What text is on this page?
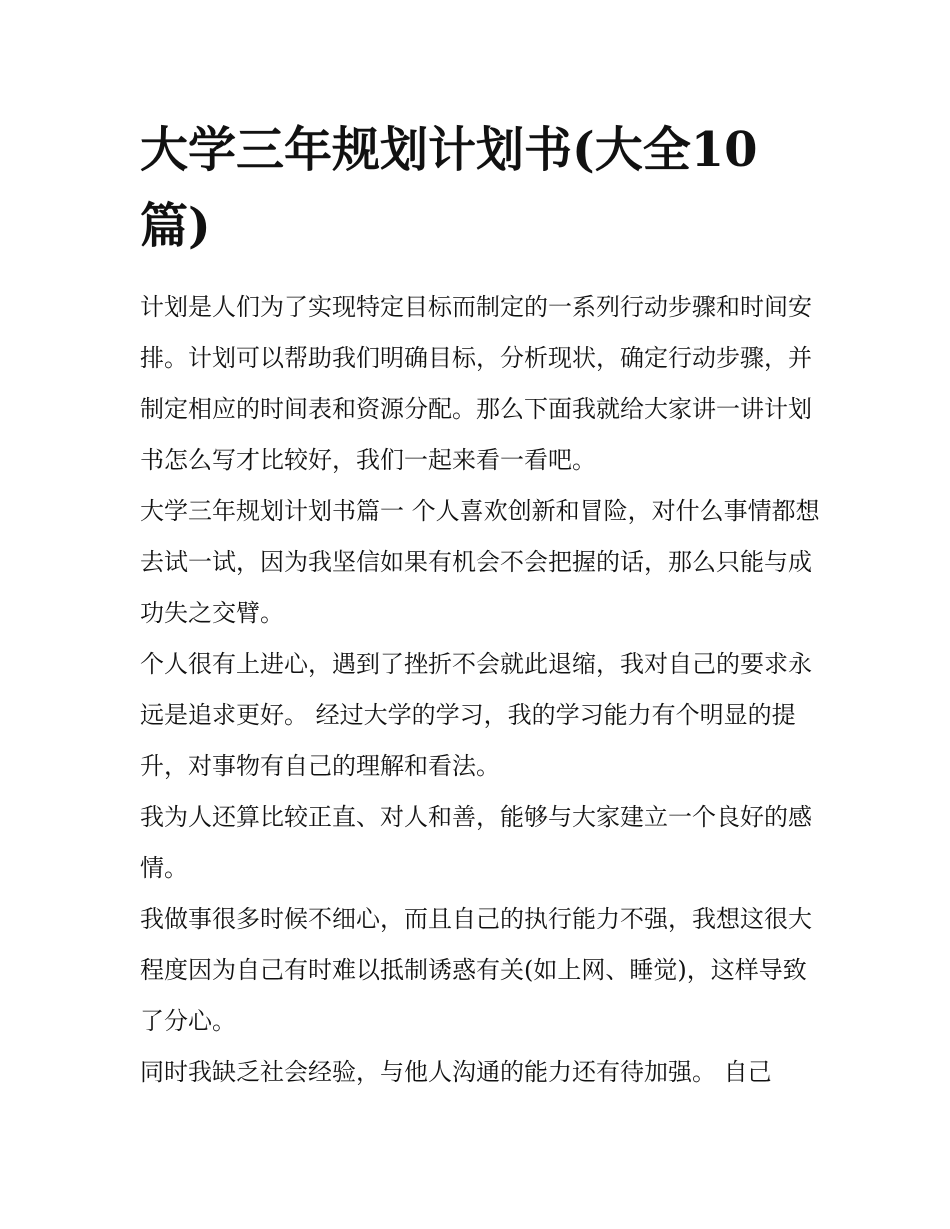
大学三年规划计划书(大全10篇)

计划是人们为了实现特定目标而制定的一系列行动步骤和时间安排。计划可以帮助我们明确目标，分析现状，确定行动步骤，并制定相应的时间表和资源分配。那么下面我就给大家讲一讲计划书怎么写才比较好，我们一起来看一看吧。

大学三年规划计划书篇一 个人喜欢创新和冒险，对什么事情都想去试一试，因为我坚信如果有机会不会把握的话，那么只能与成功失之交臂。

个人很有上进心，遇到了挫折不会就此退缩，我对自己的要求永远是追求更好。 经过大学的学习，我的学习能力有个明显的提升，对事物有自己的理解和看法。

我为人还算比较正直、对人和善，能够与大家建立一个良好的感情。

我做事很多时候不细心，而且自己的执行能力不强，我想这很大程度因为自己有时难以抵制诱惑有关(如上网、睡觉)，这样导致了分心。

同时我缺乏社会经验，与他人沟通的能力还有待加强。 自己
